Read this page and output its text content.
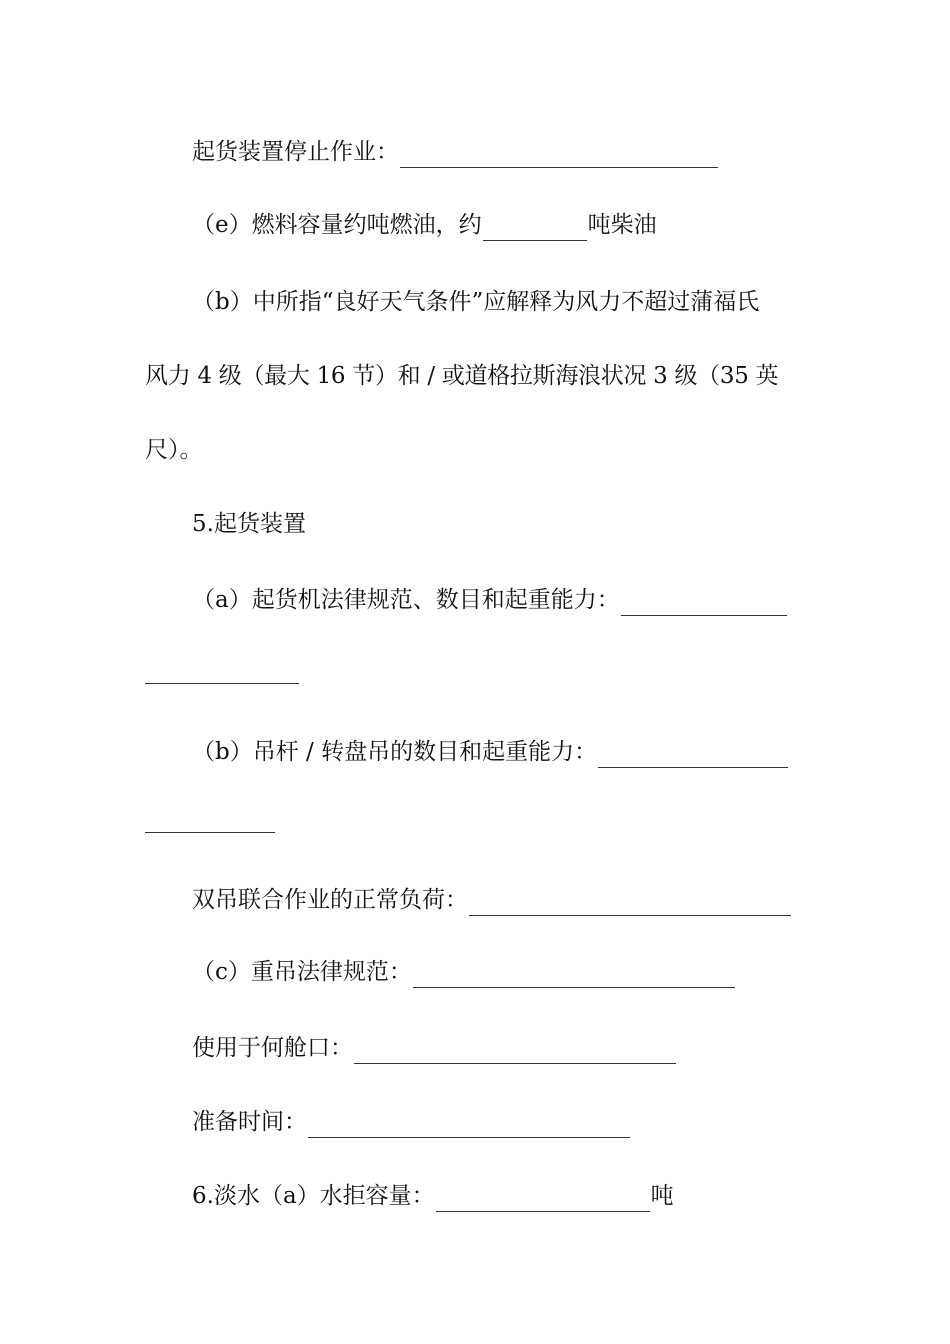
起货装置停止作业：
（e）燃料容量约吨燃油，约	吨柴油
（b）中所指“良好天气条件”应解释为风力不超过蒲福氏
风力 4 级（最大 16 节）和 / 或道格拉斯海浪状况 3 级（35 英
尺）。
5.起货装置
（a）起货机法律规范、数目和起重能力：
（b）吊杆 / 转盘吊的数目和起重能力：
双吊联合作业的正常负荷：
（c）重吊法律规范：
使用于何舱口：
准备时间：
6.淡水（a）水拒容量：	吨
